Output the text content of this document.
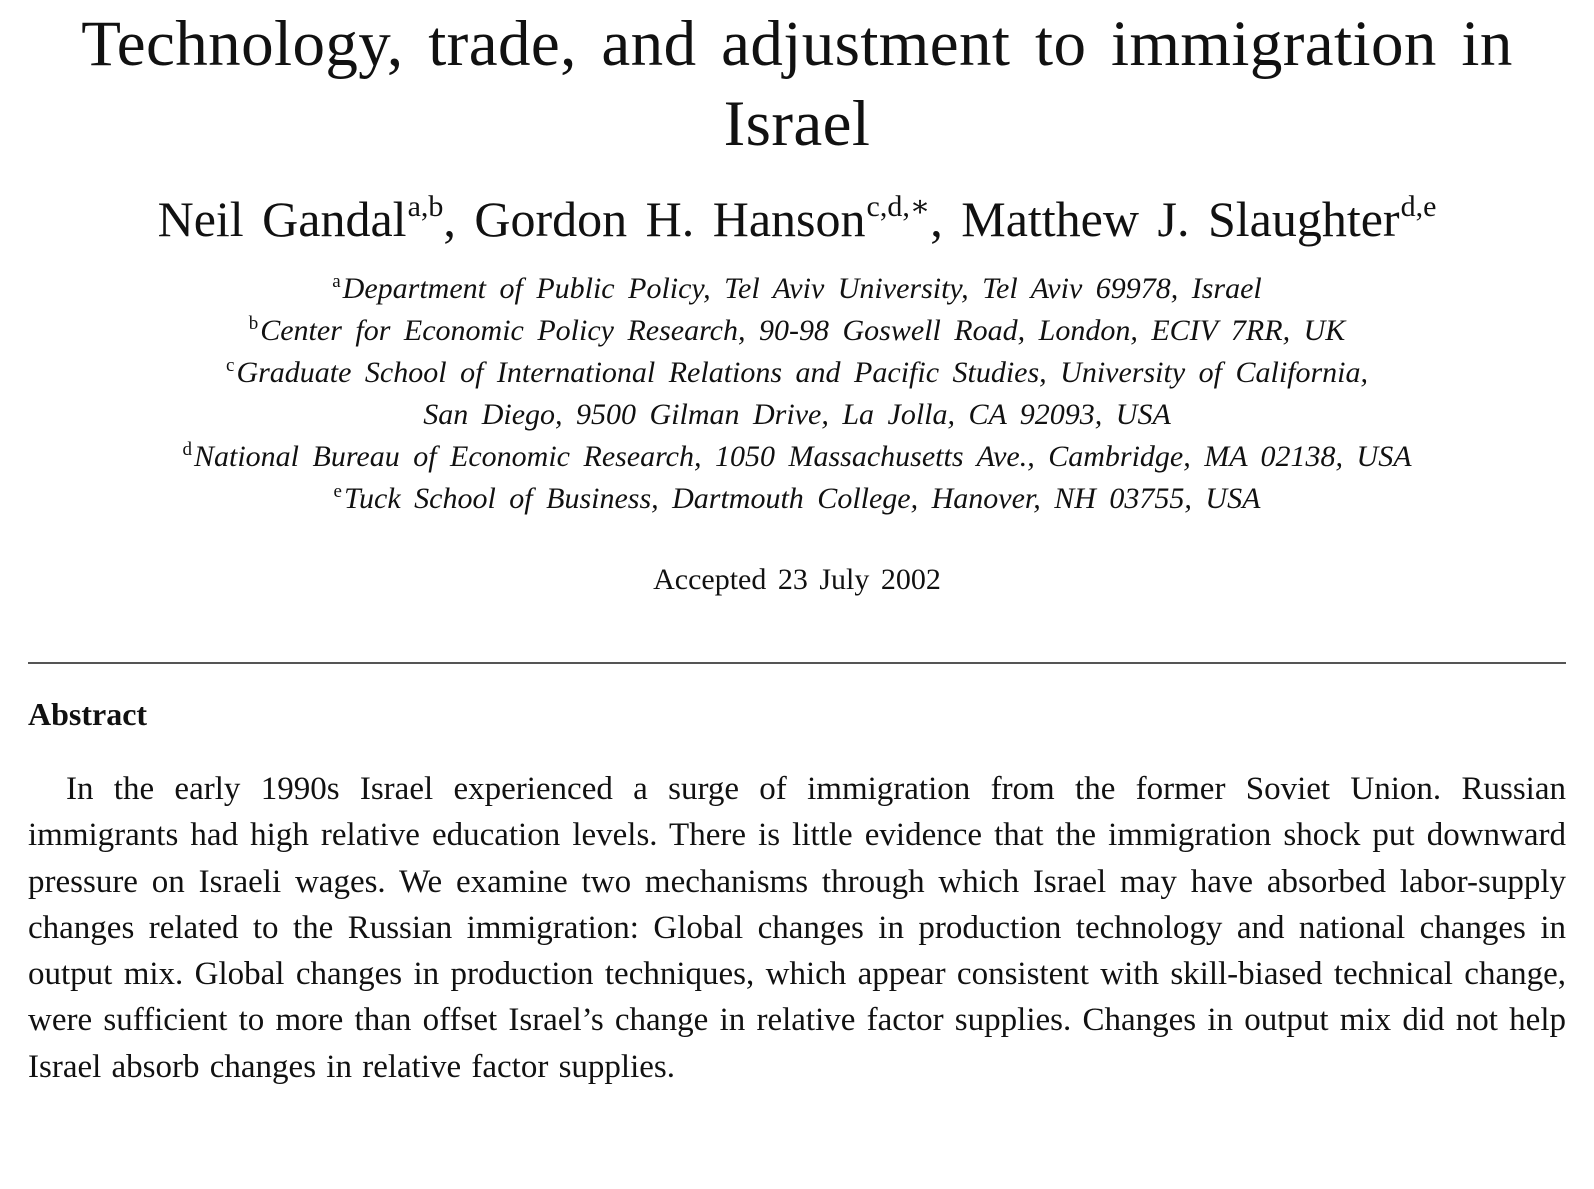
Technology, trade, and adjustment to immigration in Israel
Neil Gandal$^{a,b}$, Gordon H. Hanson$^{c,d,∗}$, Matthew J. Slaughter$^{d,e}$
$^a$Department of Public Policy, Tel Aviv University, Tel Aviv 69978, Israel
$^b$Center for Economic Policy Research, 90-98 Goswell Road, London, ECIV 7RR, UK
$^c$Graduate School of International Relations and Pacific Studies, University of California,
San Diego, 9500 Gilman Drive, La Jolla, CA 92093, USA
$^d$National Bureau of Economic Research, 1050 Massachusetts Ave., Cambridge, MA 02138, USA
$^e$Tuck School of Business, Dartmouth College, Hanover, NH 03755, USA
Accepted 23 July 2002
Abstract

In the early 1990s Israel experienced a surge of immigration from the former Soviet Union. Russian immigrants had high relative education levels. There is little evidence that the immigration shock put downward pressure on Israeli wages. We examine two mechanisms through which Israel may have absorbed labor-supply changes related to the Russian immigration: Global changes in production technology and national changes in output mix. Global changes in production techniques, which appear consistent with skill-biased technical change, were sufficient to more than offset Israel’s change in relative factor supplies. Changes in output mix did not help Israel absorb changes in relative factor supplies.
